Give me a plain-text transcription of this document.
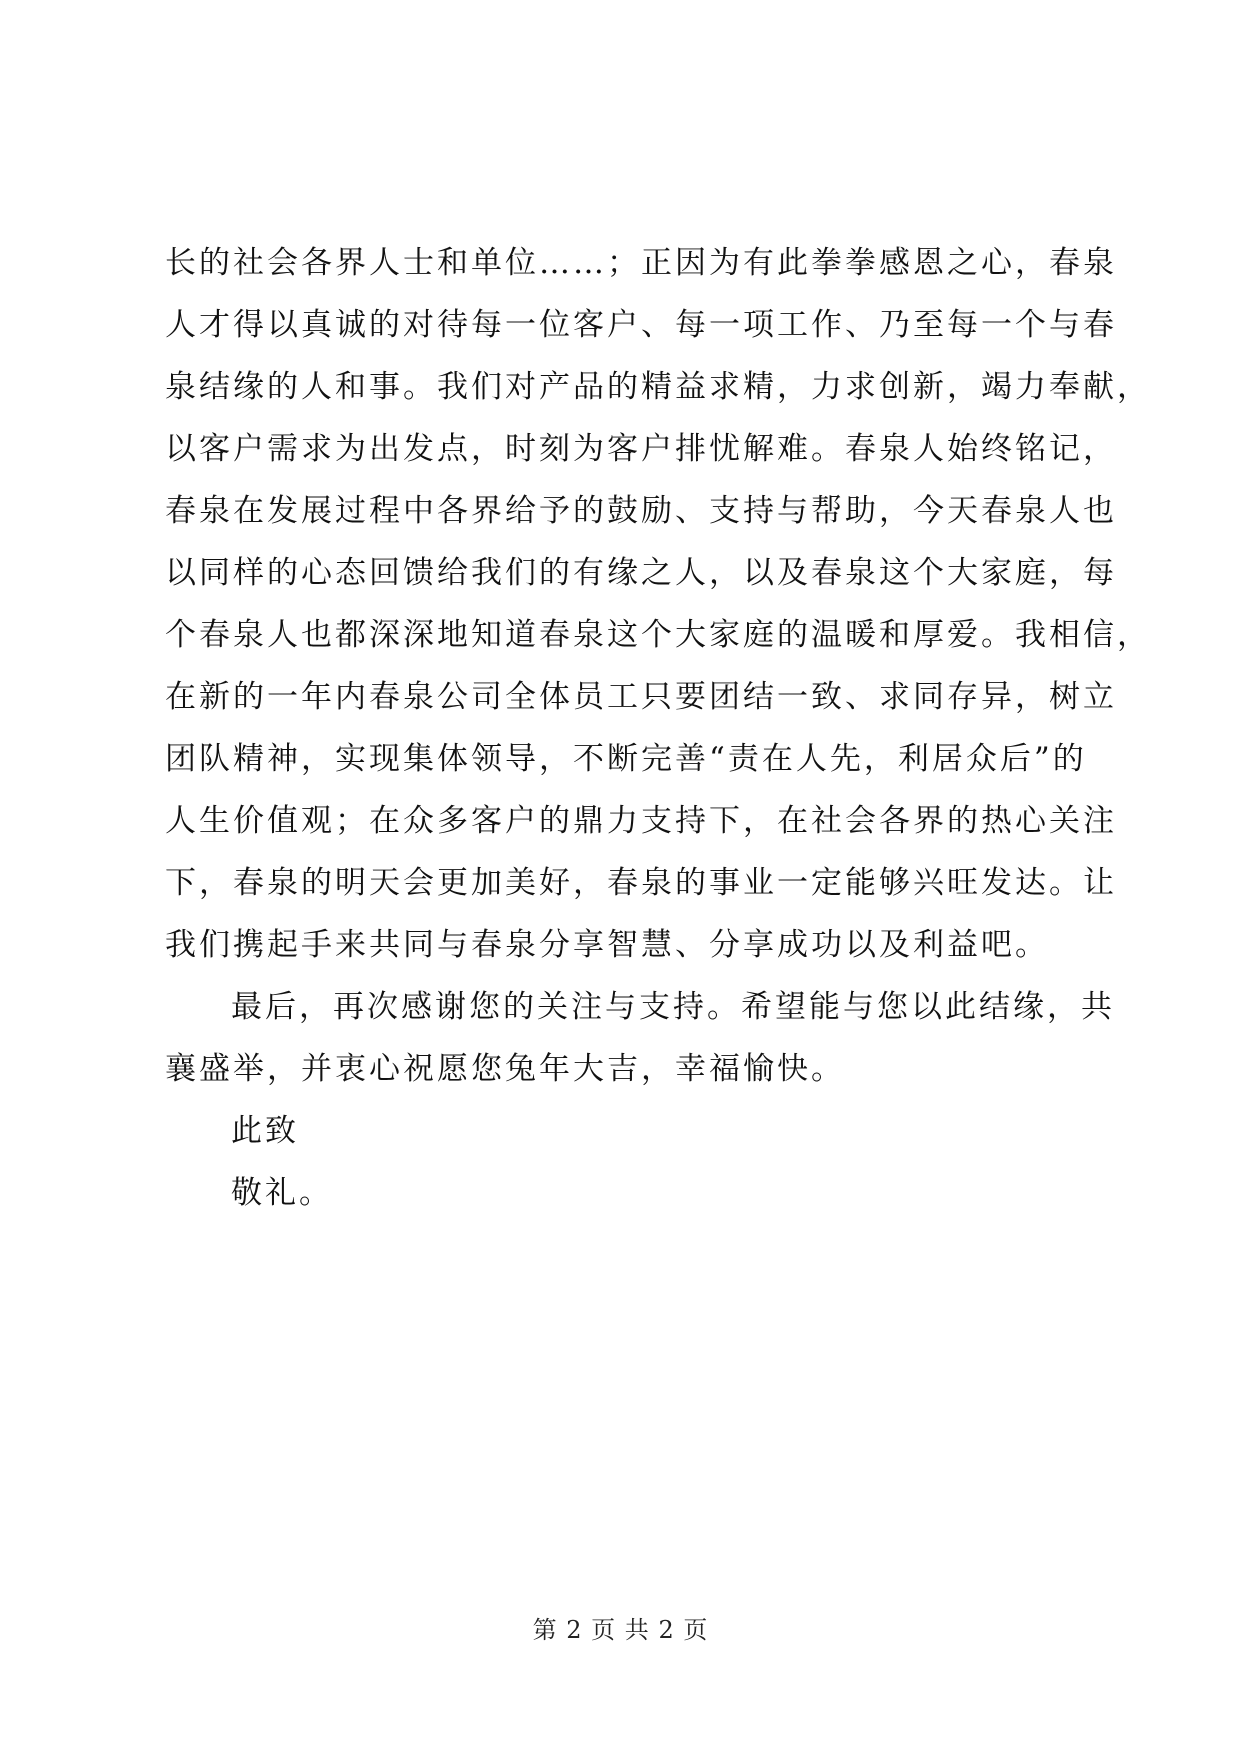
长的社会各界人士和单位……；正因为有此拳拳感恩之心，春泉
人才得以真诚的对待每一位客户、每一项工作、乃至每一个与春
泉结缘的人和事。我们对产品的精益求精，力求创新，竭力奉献，
以客户需求为出发点，时刻为客户排忧解难。春泉人始终铭记，
春泉在发展过程中各界给予的鼓励、支持与帮助，今天春泉人也
以同样的心态回馈给我们的有缘之人，以及春泉这个大家庭，每
个春泉人也都深深地知道春泉这个大家庭的温暖和厚爱。我相信，
在新的一年内春泉公司全体员工只要团结一致、求同存异，树立
团队精神，实现集体领导，不断完善“责在人先，利居众后”的
人生价值观；在众多客户的鼎力支持下，在社会各界的热心关注
下，春泉的明天会更加美好，春泉的事业一定能够兴旺发达。让
我们携起手来共同与春泉分享智慧、分享成功以及利益吧。
最后，再次感谢您的关注与支持。希望能与您以此结缘，共
襄盛举，并衷心祝愿您兔年大吉，幸福愉快。
此致
敬礼。
第 2 页 共 2 页
